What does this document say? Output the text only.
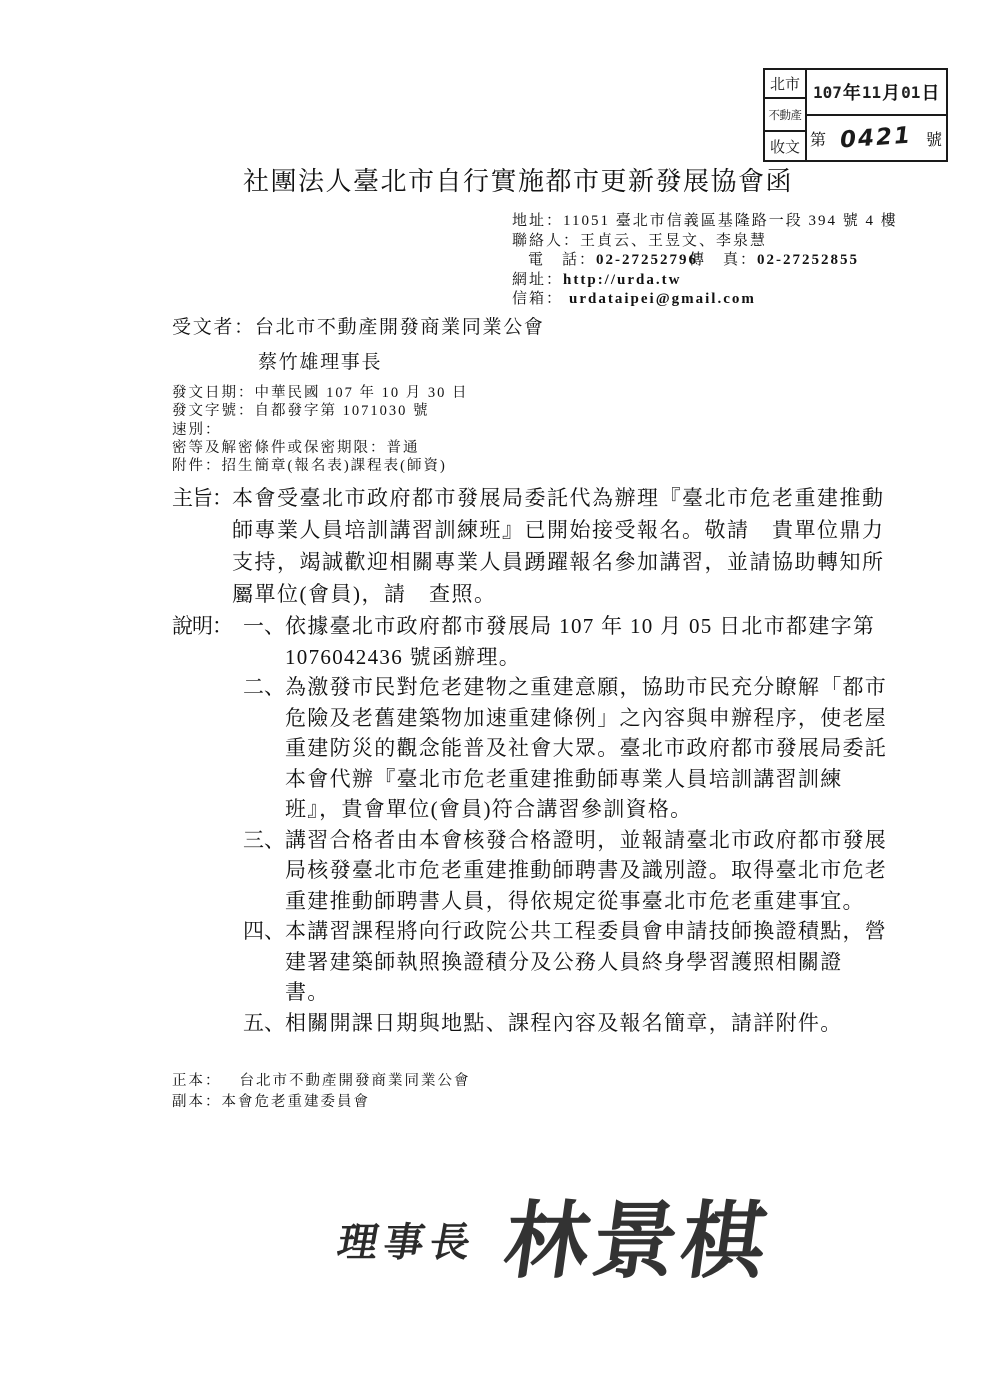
北市
不動產
收文
107 年 11 月 01 日
第 0421 號
社團法人臺北市自行實施都市更新發展協會函
地址：11051 臺北市信義區基隆路一段 394 號 4 樓
聯絡人：王貞云、王昱文、李泉慧
電　話：02-27252796傳　真：02-27252855
網址：http://urda.tw
信箱： urdataipei@gmail.com
受文者：台北市不動產開發商業同業公會
蔡竹雄理事長
發文日期：中華民國 107 年 10 月 30 日
發文字號：自都發字第 1071030 號
速別：
密等及解密條件或保密期限：普通
附件：招生簡章(報名表)課程表(師資)
主旨： 本會受臺北市政府都市發展局委託代為辦理『臺北市危老重建推動
師專業人員培訓講習訓練班』已開始接受報名。敬請　貴單位鼎力
支持，竭誠歡迎相關專業人員踴躍報名參加講習，並請協助轉知所
屬單位(會員)，請　查照。
說明： 一、 依據臺北市政府都市發展局 107 年 10 月 05 日北市都建字第
1076042436 號函辦理。
二、 為激發市民對危老建物之重建意願，協助市民充分瞭解「都市
危險及老舊建築物加速重建條例」之內容與申辦程序，使老屋
重建防災的觀念能普及社會大眾。臺北市政府都市發展局委託
本會代辦『臺北市危老重建推動師專業人員培訓講習訓練
班』，貴會單位(會員)符合講習參訓資格。
三、 講習合格者由本會核發合格證明，並報請臺北市政府都市發展
局核發臺北市危老重建推動師聘書及識別證。取得臺北市危老
重建推動師聘書人員，得依規定從事臺北市危老重建事宜。
四、 本講習課程將向行政院公共工程委員會申請技師換證積點，營
建署建築師執照換證積分及公務人員終身學習護照相關證
書。
五、 相關開課日期與地點、課程內容及報名簡章，請詳附件。
正本： 台北市不動產開發商業同業公會
副本：本會危老重建委員會
理事長 林景棋
